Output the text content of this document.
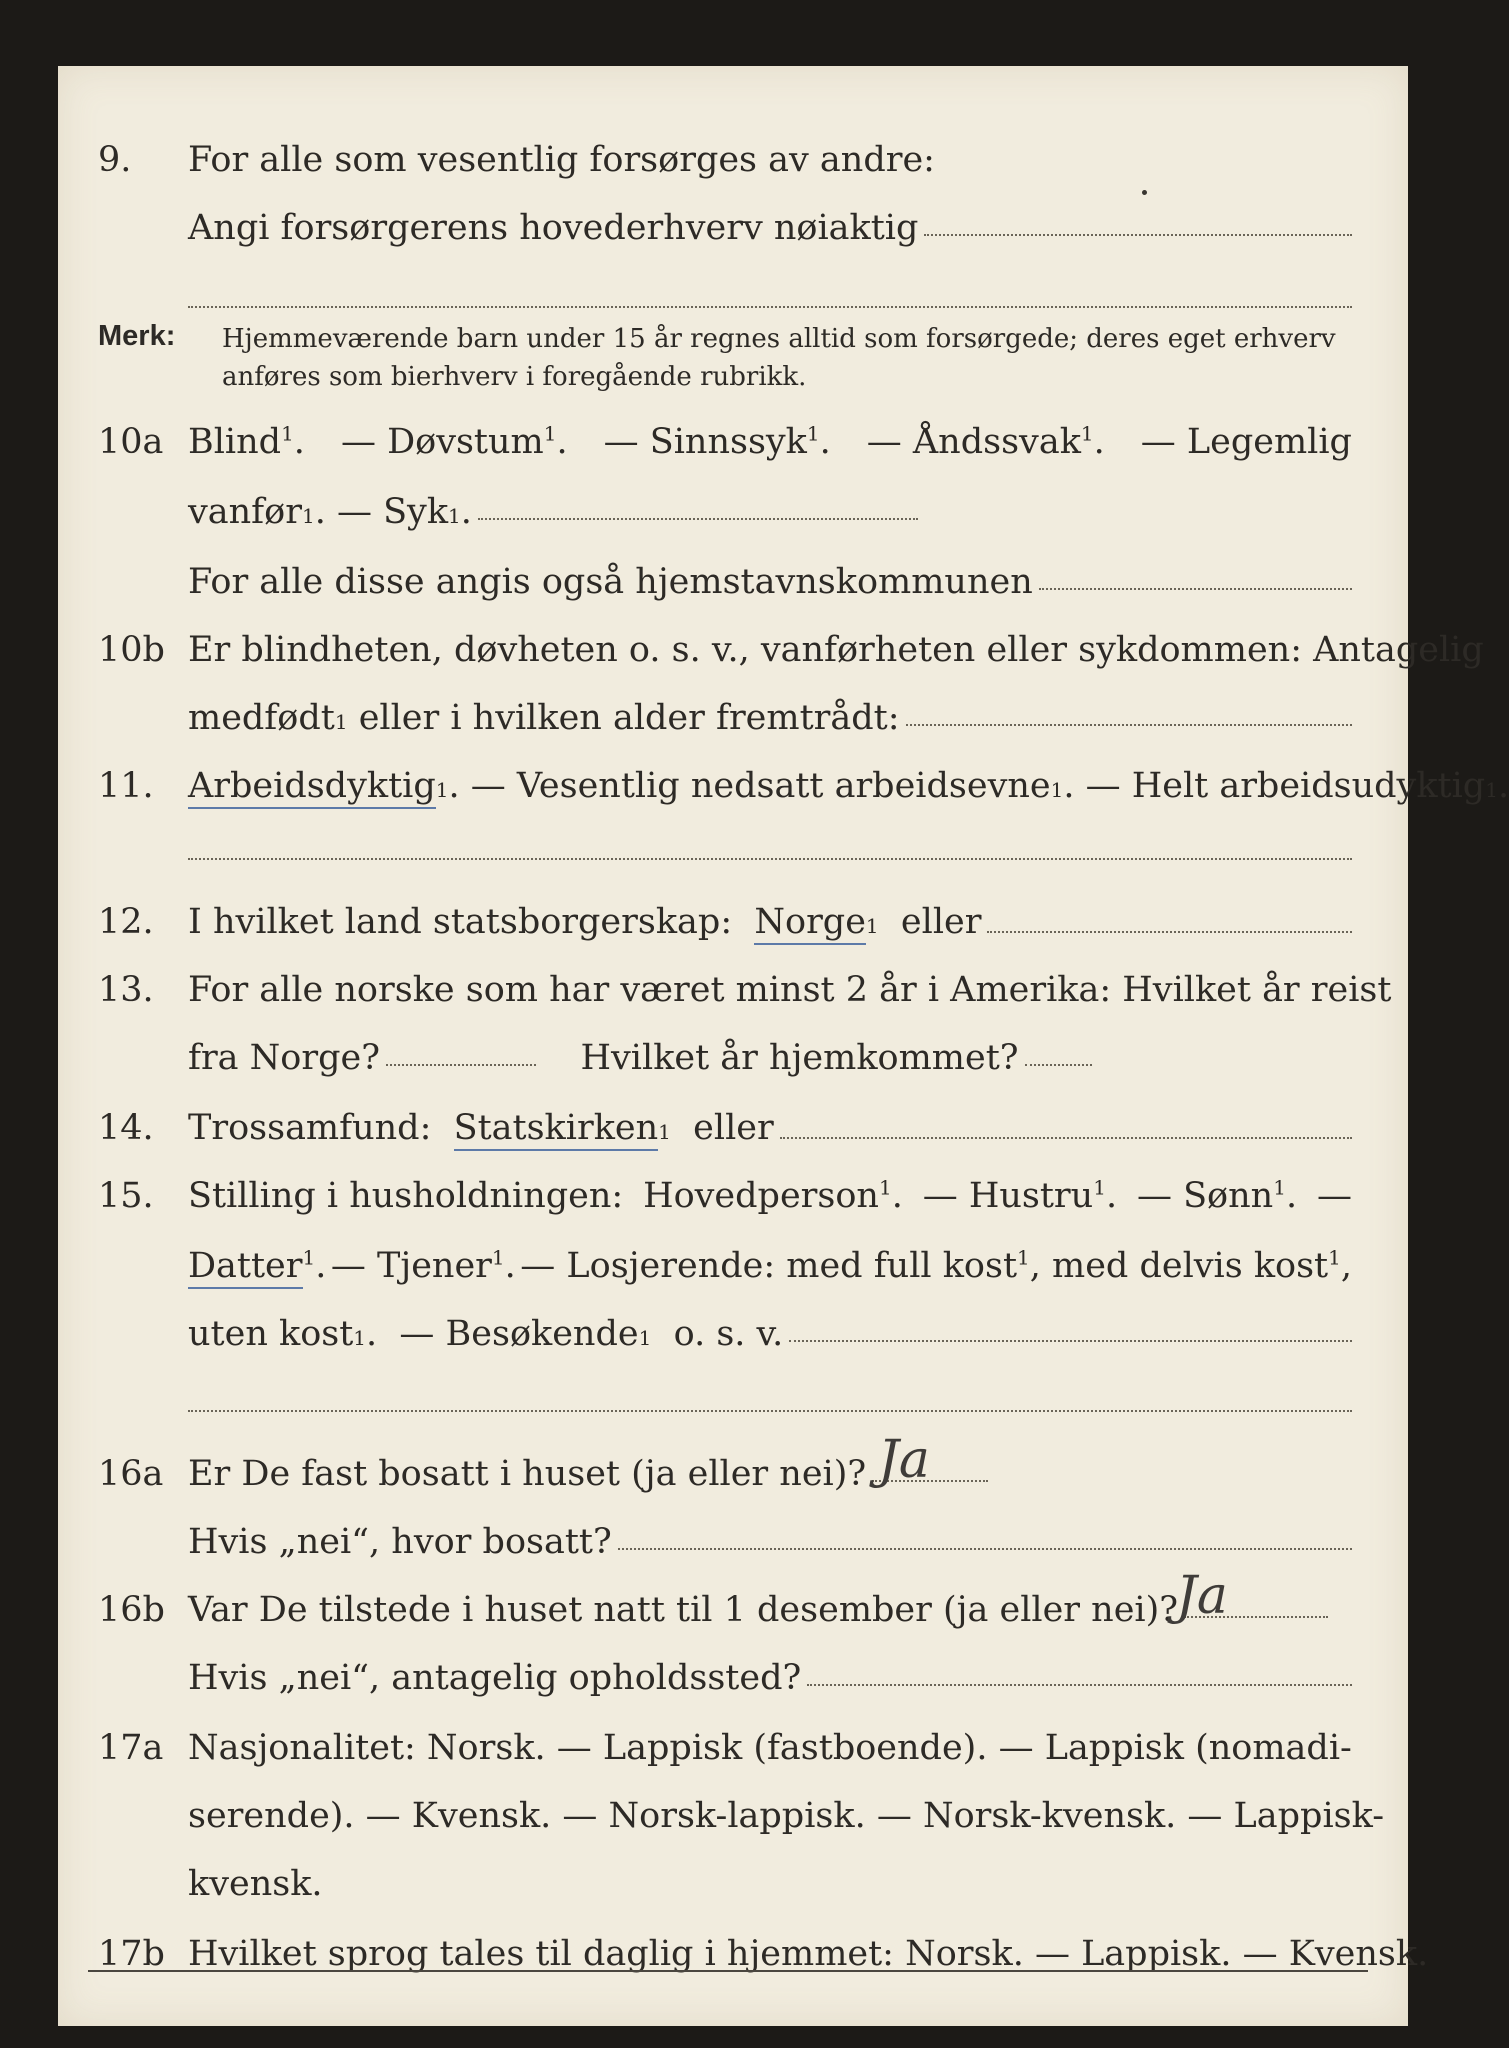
9.	For alle som vesentlig forsørges av andre:
Angi forsørgerens hovederhverv nøiaktig
Merk: Hjemmeværende barn under 15 år regnes alltid som forsørgede; deres eget erhverv
anføres som bierhverv i foregående rubrikk.
10a Blind$^1$. — Døvstum$^1$. — Sinnssyk$^1$. — Åndssvak$^1$. — Legemlig
vanfør 1 . — Syk 1 .
For alle disse angis også hjemstavnskommunen
10b Er blindheten, døvheten o. s. v., vanførheten eller sykdommen: Antagelig
medfødt 1
eller i hvilken alder fremtrådt:
11. Arbeidsdyktig 1 . — Vesentlig nedsatt arbeidsevne 1 . — Helt arbeidsudyktig 1 .
12. I hvilket land statsborgerskap:
Norge 1
eller
13. For alle norske som har været minst 2 år i Amerika: Hvilket år reist
fra Norge?
	Hvilket år hjemkommet?
14. Trossamfund:
Statskirken 1
eller
15. Stilling i husholdningen: Hovedperson$^1$. — Hustru$^1$. — Sønn$^1$. —
Datter$^1$. — Tjener$^1$. — Losjerende: med full kost$^1$, med delvis kost$^1$,
uten kost 1 . — Besøkende 1
o. s. v.
16a Er De fast bosatt i huset (ja eller nei)? Ja
Hvis „nei“, hvor bosatt?
16b Var De tilstede i huset natt til 1 desember (ja eller nei)?
Ja
Hvis „nei“, antagelig opholdssted?
17a Nasjonalitet: Norsk. — Lappisk (fastboende). — Lappisk (nomadi-
serende). — Kvensk. — Norsk-lappisk. — Norsk-kvensk. — Lappisk-
kvensk.
17b Hvilket sprog tales til daglig i hjemmet: Norsk. — Lappisk. — Kvensk.
